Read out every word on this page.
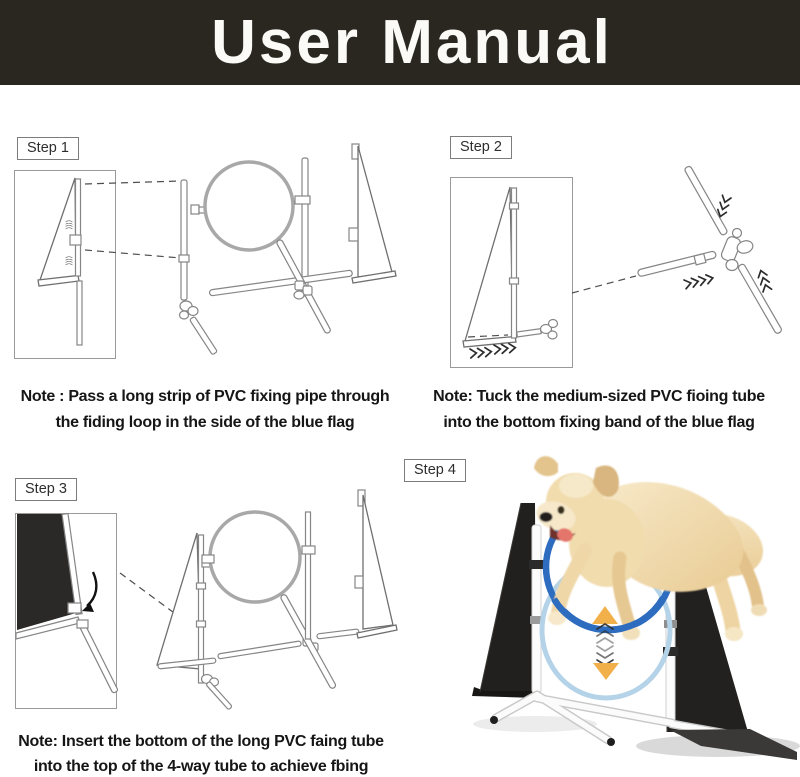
User Manual
Step 1	Step 2
Step 3
Step 4
((((
((((

Note : Pass a long strip of PVC fixing pipe through
the fiding loop in the side of the blue flag

Note: Tuck the medium-sized PVC fioing tube
into the bottom fixing band of the blue flag

Note: Insert the bottom of the long PVC faing tube
into the top of the 4-way tube to achieve fbing
